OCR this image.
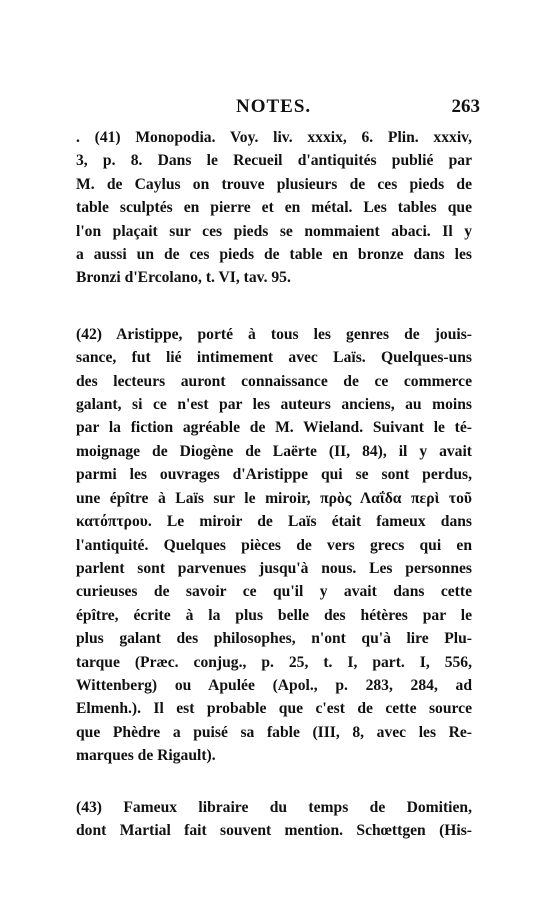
NOTES.	263
. (41) Monopodia. Voy. liv. xxxix, 6. Plin. xxxiv,
3, p. 8. Dans le Recueil d'antiquités publié par
M. de Caylus on trouve plusieurs de ces pieds de
table sculptés en pierre et en métal. Les tables que
l'on plaçait sur ces pieds se nommaient abaci. Il y
a aussi un de ces pieds de table en bronze dans les
Bronzi d'Ercolano, t. VI, tav. 95.
(42) Aristippe, porté à tous les genres de jouis-
sance, fut lié intimement avec Laïs. Quelques-uns
des lecteurs auront connaissance de ce commerce
galant, si ce n'est par les auteurs anciens, au moins
par la fiction agréable de M. Wieland. Suivant le té-
moignage de Diogène de Laërte (II, 84), il y avait
parmi les ouvrages d'Aristippe qui se sont perdus,
une épître à Laïs sur le miroir, πρὸς Λαΐδα περὶ τοῦ
κατόπτρου. Le miroir de Laïs était fameux dans
l'antiquité. Quelques pièces de vers grecs qui en
parlent sont parvenues jusqu'à nous. Les personnes
curieuses de savoir ce qu'il y avait dans cette
épître, écrite à la plus belle des hétères par le
plus galant des philosophes, n'ont qu'à lire Plu-
tarque (Præc. conjug., p. 25, t. I, part. I, 556,
Wittenberg) ou Apulée (Apol., p. 283, 284, ad
Elmenh.). Il est probable que c'est de cette source
que Phèdre a puisé sa fable (III, 8, avec les Re-
marques de Rigault).
(43) Fameux libraire du temps de Domitien,
dont Martial fait souvent mention. Schœttgen (His-
